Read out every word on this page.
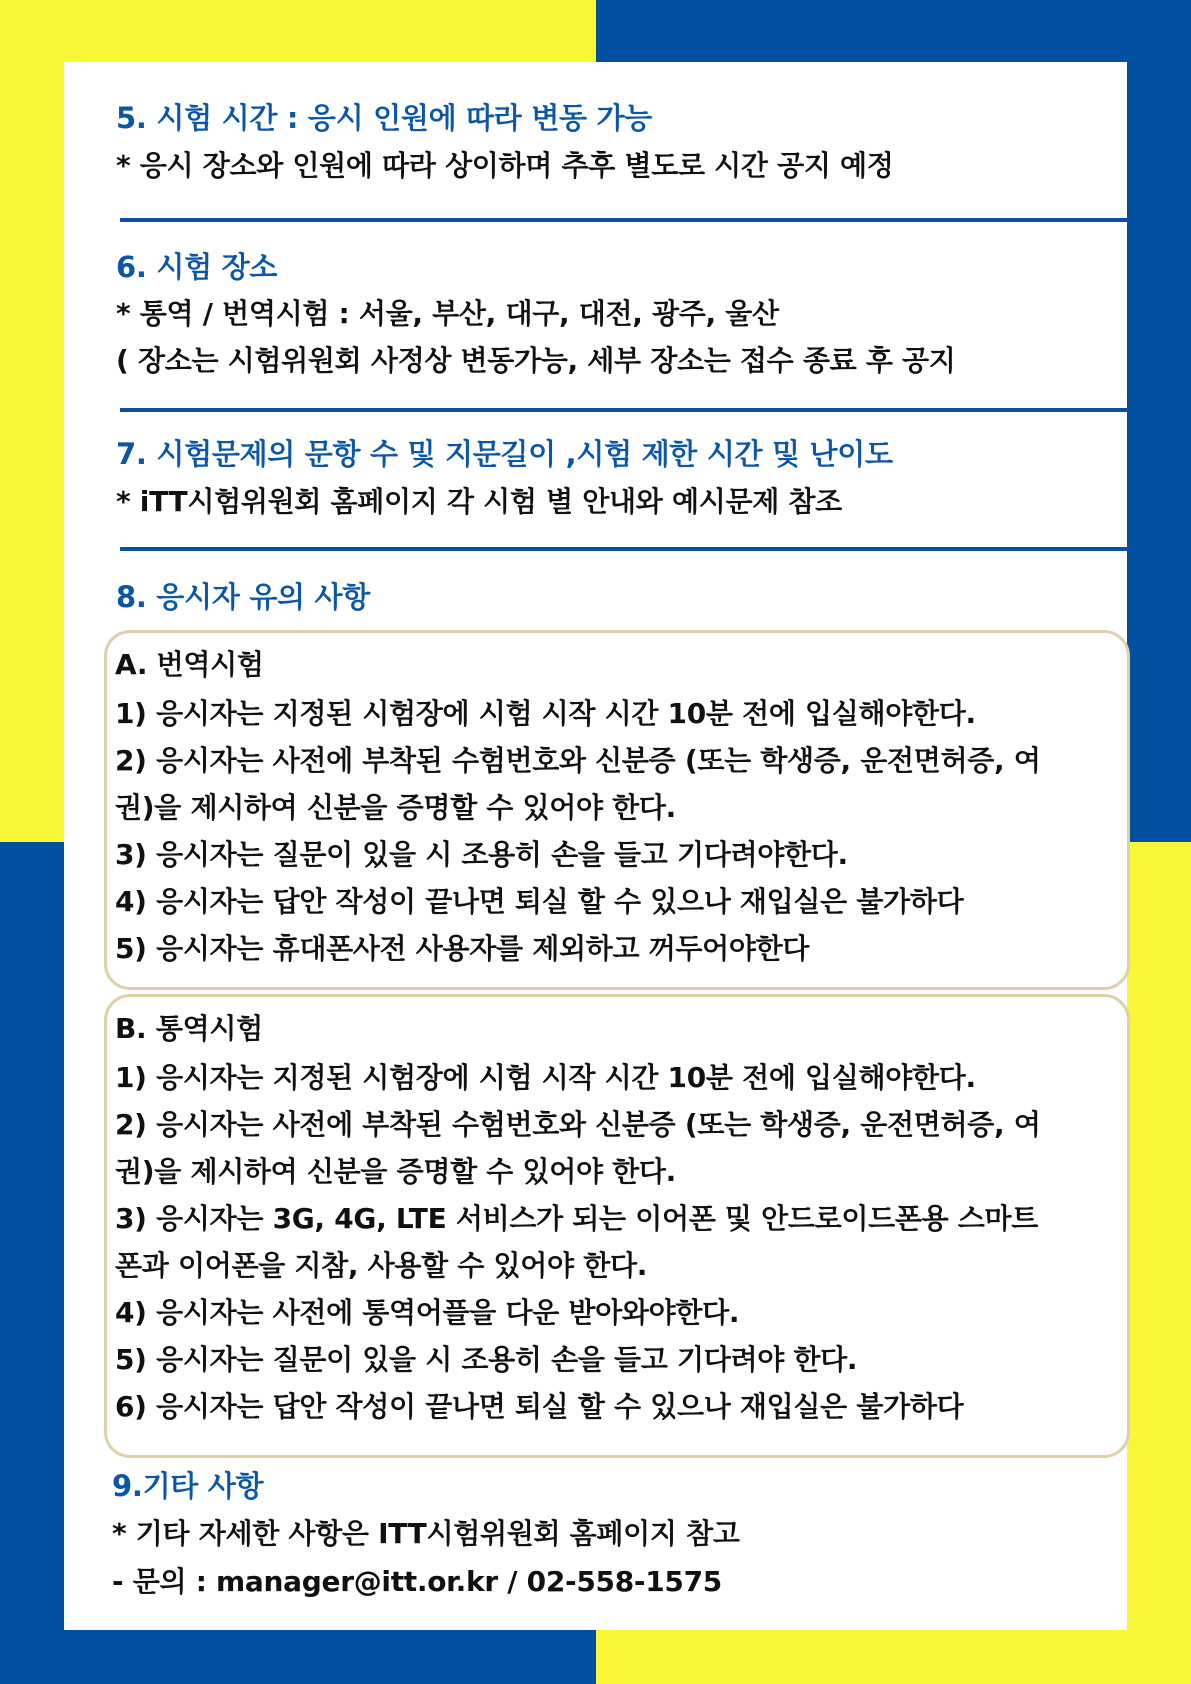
5. 시험 시간 : 응시 인원에 따라 변동 가능
* 응시 장소와 인원에 따라 상이하며 추후 별도로 시간 공지 예정
6. 시험 장소
* 통역 / 번역시험 : 서울, 부산, 대구, 대전, 광주, 울산
( 장소는 시험위원회 사정상 변동가능, 세부 장소는 접수 종료 후 공지
7. 시험문제의 문항 수 및 지문길이 ,시험 제한 시간 및 난이도
* iTT시험위원회 홈페이지 각 시험 별 안내와 예시문제 참조
8. 응시자 유의 사항
A. 번역시험
1) 응시자는 지정된 시험장에 시험 시작 시간 10분 전에 입실해야한다.
2) 응시자는 사전에 부착된 수험번호와 신분증 (또는 학생증, 운전면허증, 여
권)을 제시하여 신분을 증명할 수 있어야 한다.
3) 응시자는 질문이 있을 시 조용히 손을 들고 기다려야한다.
4) 응시자는 답안 작성이 끝나면 퇴실 할 수 있으나 재입실은 불가하다
5) 응시자는 휴대폰사전 사용자를 제외하고 꺼두어야한다
B. 통역시험
1) 응시자는 지정된 시험장에 시험 시작 시간 10분 전에 입실해야한다.
2) 응시자는 사전에 부착된 수험번호와 신분증 (또는 학생증, 운전면허증, 여
권)을 제시하여 신분을 증명할 수 있어야 한다.
3) 응시자는 3G, 4G, LTE 서비스가 되는 이어폰 및 안드로이드폰용 스마트
폰과 이어폰을 지참, 사용할 수 있어야 한다.
4) 응시자는 사전에 통역어플을 다운 받아와야한다.
5) 응시자는 질문이 있을 시 조용히 손을 들고 기다려야 한다.
6) 응시자는 답안 작성이 끝나면 퇴실 할 수 있으나 재입실은 불가하다
9.기타 사항
* 기타 자세한 사항은 ITT시험위원회 홈페이지 참고
- 문의 : manager@itt.or.kr / 02-558-1575
